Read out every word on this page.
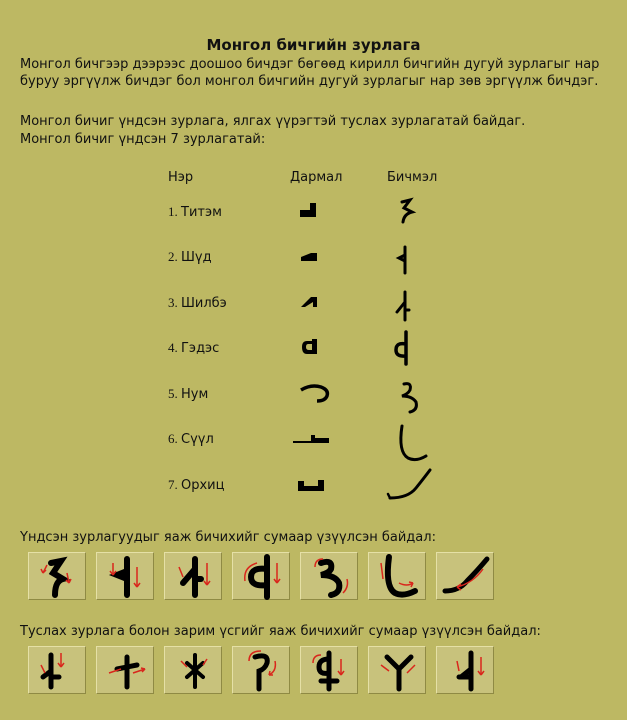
Монгол бичгийн зурлага

Монгол бичгээр дээрээс доошоо бичдэг бөгөөд кирилл бичгийн дугуй зурлагыг нар буруу эргүүлж бичдэг бол монгол бичгийн дугуй зурлагыг нар зөв эргүүлж бичдэг.

Монгол бичиг үндсэн зурлага, ялгах үүрэгтэй туслах зурлагатай байдаг.

Монгол бичиг үндсэн 7 зурлагатай:

Нэр	Дармал	Бичмэл
1. Титэм
2. Шүд
3. Шилбэ
4. Гэдэс
5. Нум
6. Сүүл
7. Орхиц
Үндсэн зурлагуудыг яаж бичихийг сумаар үзүүлсэн байдал:
Туслах зурлага болон зарим үсгийг яаж бичихийг сумаар үзүүлсэн байдал:
